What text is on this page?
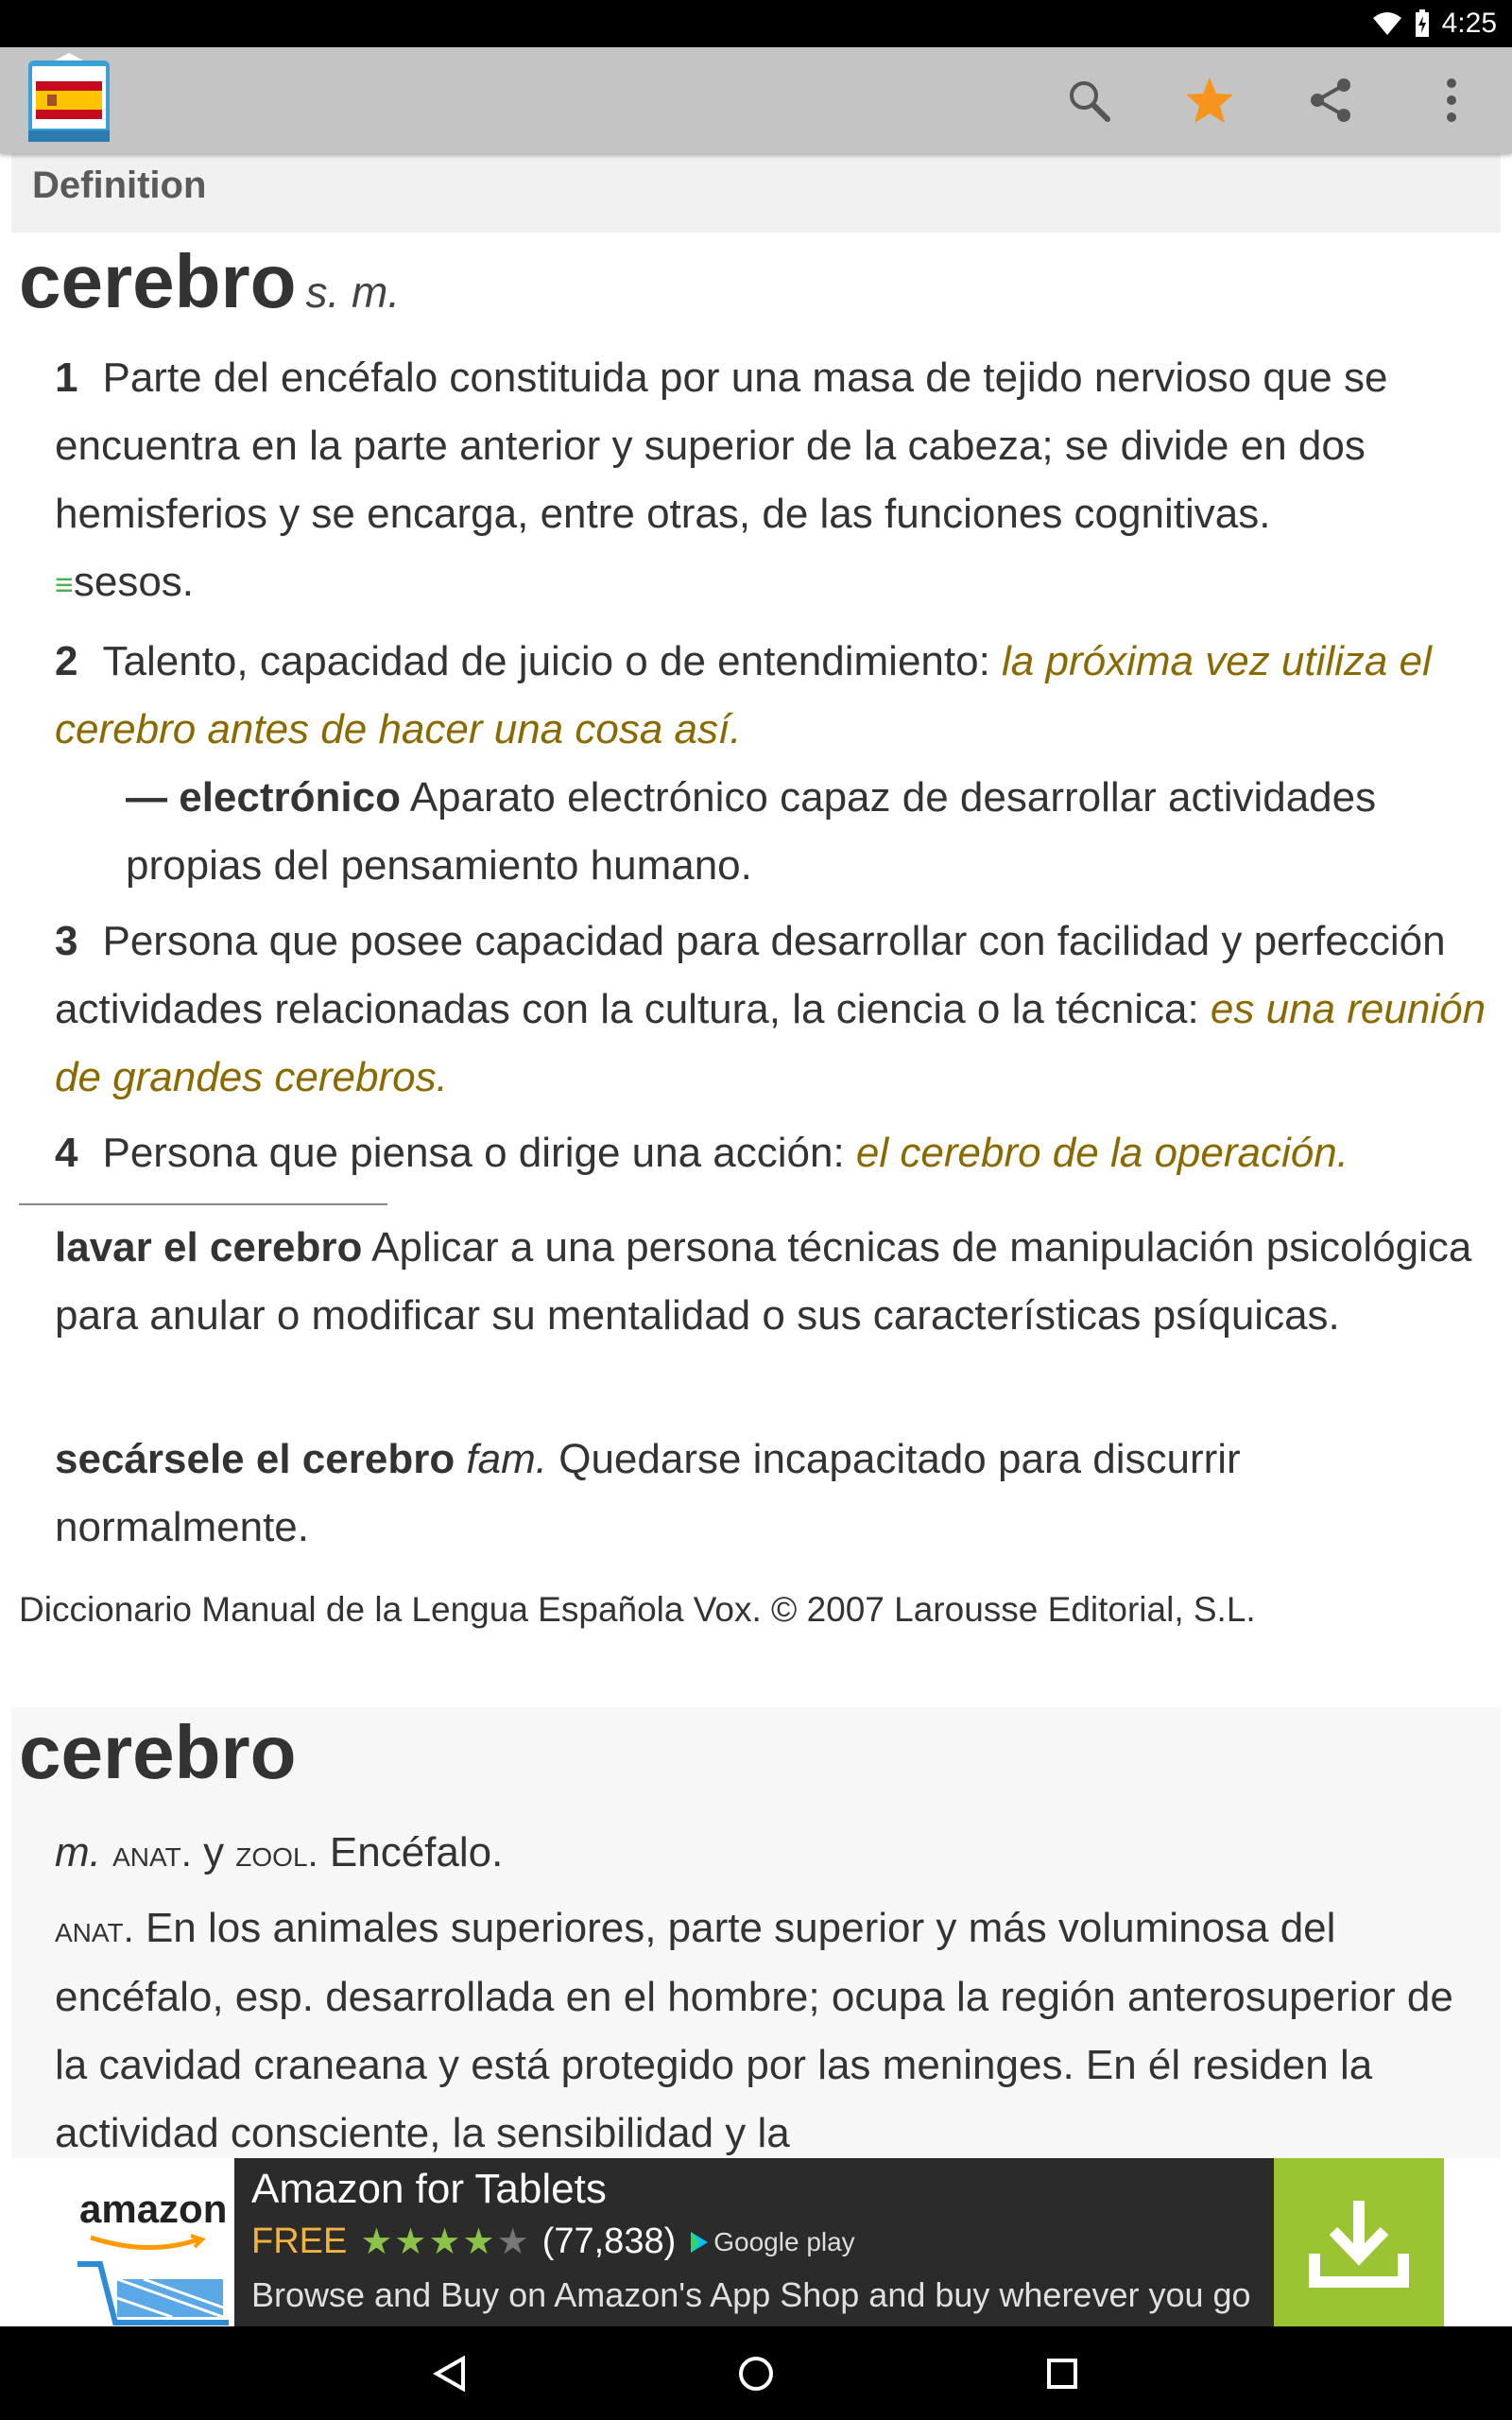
4:25
Definition
cerebro s. m.
1 Parte del encéfalo constituida por una masa de tejido nervioso que se encuentra en la parte anterior y superior de la cabeza; se divide en dos hemisferios y se encarga, entre otras, de las funciones cognitivas.
≡sesos.
2 Talento, capacidad de juicio o de entendimiento: la próxima vez utiliza el cerebro antes de hacer una cosa así.
— electrónico Aparato electrónico capaz de desarrollar actividades propias del pensamiento humano.
3 Persona que posee capacidad para desarrollar con facilidad y perfección actividades relacionadas con la cultura, la ciencia o la técnica: es una reunión de grandes cerebros.
4 Persona que piensa o dirige una acción: el cerebro de la operación.
lavar el cerebro Aplicar a una persona técnicas de manipulación psicológica para anular o modificar su mentalidad o sus características psíquicas.
secársele el cerebro fam. Quedarse incapacitado para discurrir normalmente.
Diccionario Manual de la Lengua Española Vox. © 2007 Larousse Editorial, S.L.
cerebro
m. anat. y zool. Encéfalo.
anat. En los animales superiores, parte superior y más voluminosa del encéfalo, esp. desarrollada en el hombre; ocupa la región anterosuperior de la cavidad craneana y está protegido por las meninges. En él residen la actividad consciente, la sensibilidad y la
amazon Amazon for Tablets
FREE ★★★★★ (77,838) Google play
Browse and Buy on Amazon's App Shop and buy wherever you go
